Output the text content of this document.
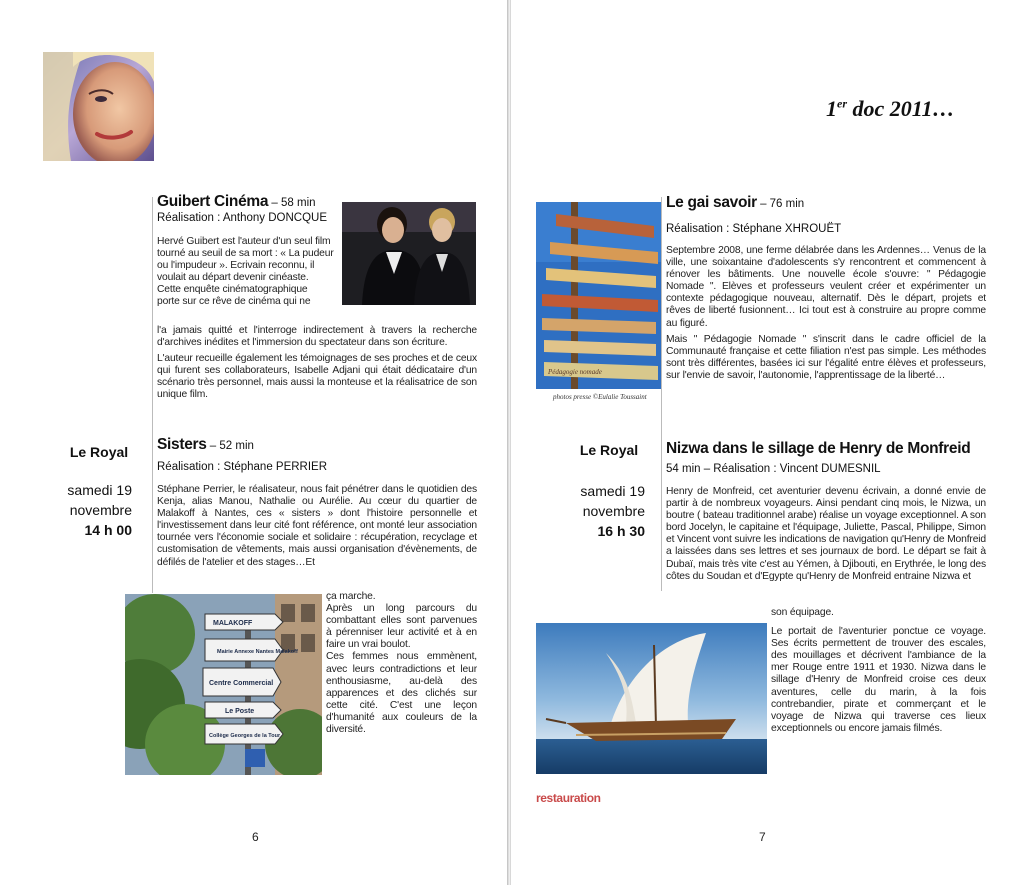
Guibert Cinéma – 58 min
Réalisation : Anthony DONCQUE
Hervé Guibert est l'auteur d'un seul film
tourné au seuil de sa mort : « La pudeur
ou l'impudeur ». Ecrivain reconnu, il
voulait au départ devenir cinéaste.
Cette enquête cinématographique
porte sur ce rêve de cinéma qui ne

l'a jamais quitté et l'interroge indirectement à travers la recherche d'archives inédites et l'immersion du spectateur dans son écriture.

L'auteur recueille également les témoignages de ses proches et de ceux qui furent ses collaborateurs, Isabelle Adjani qui était dédicataire d'un scénario très personnel, mais aussi la monteuse et la réalisatrice de son unique film.

Sisters – 52 min
Réalisation : Stéphane PERRIER

Stéphane Perrier, le réalisateur, nous fait pénétrer dans le quotidien des Kenja, alias Manou, Nathalie ou Aurélie. Au cœur du quartier de Malakoff à Nantes, ces « sisters » dont l'histoire personnelle et l'investissement dans leur cité font référence, ont monté leur association tournée vers l'économie sociale et solidaire : récupération, recyclage et customisation de vêtements, mais aussi organisation d'évènements, de défilés de l'atelier et des stages…Et

MALAKOFF
Mairie Annexe Nantes Malakoff
Centre Commercial
Le Poste
Collège Georges de la Tour

ça marche.

Après un long parcours du combattant elles sont parvenues à pérenniser leur activité et à en faire un vrai boulot.

Ces femmes nous emmènent, avec leurs contradictions et leur enthousiasme, au-delà des apparences et des clichés sur cette cité. C'est une leçon d'humanité aux couleurs de la diversité.

Le Royal
samedi 19
novembre
14 h 00
6
1er doc 2011…
Pédagogie nomade
photos presse ©Eulalie Toussaint
Le gai savoir – 76 min
Réalisation : Stéphane XHROUËT

Septembre 2008, une ferme délabrée dans les Ardennes… Venus de la ville, une soixantaine d'adolescents s'y rencontrent et commencent à rénover les bâtiments. Une nouvelle école s'ouvre: " Pédagogie Nomade ". Elèves et professeurs veulent créer et expérimenter un contexte pédagogique nouveau, alternatif. Dès le départ, projets et rêves de liberté fusionnent… Ici tout est à construire au propre comme au figuré.

Mais " Pédagogie Nomade " s'inscrit dans le cadre officiel de la Communauté française et cette filiation n'est pas simple. Les méthodes sont très différentes, basées ici sur l'égalité entre élèves et professeurs, sur l'envie de savoir, l'autonomie, l'apprentissage de la liberté…

Nizwa dans le sillage de Henry de Monfreid
54 min – Réalisation : Vincent DUMESNIL

Henry de Monfreid, cet aventurier devenu écrivain, a donné envie de partir à de nombreux voyageurs. Ainsi pendant cinq mois, le Nizwa, un boutre ( bateau traditionnel arabe) réalise un voyage exceptionnel. A son bord Jocelyn, le capitaine et l'équipage, Juliette, Pascal, Philippe, Simon et Vincent vont suivre les indications de navigation qu'Henry de Monfreid a laissées dans ses lettres et ses journaux de bord. Le départ se fait à Dubaï, mais très vite c'est au Yémen, à Djibouti, en Erythrée, le long des côtes du Soudan et d'Egypte qu'Henry de Monfreid entraine Nizwa et

son équipage.

Le portait de l'aventurier ponctue ce voyage. Ses écrits permettent de trouver des escales, des mouillages et décrivent l'ambiance de la mer Rouge entre 1911 et 1930. Nizwa dans le sillage d'Henry de Monfreid croise ces deux aventures, celle du marin, à la fois contrebandier, pirate et commerçant et le voyage de Nizwa qui traverse ces lieux exceptionnels ou encore jamais filmés.

Le Royal
samedi 19
novembre
16 h 30
restauration
7
